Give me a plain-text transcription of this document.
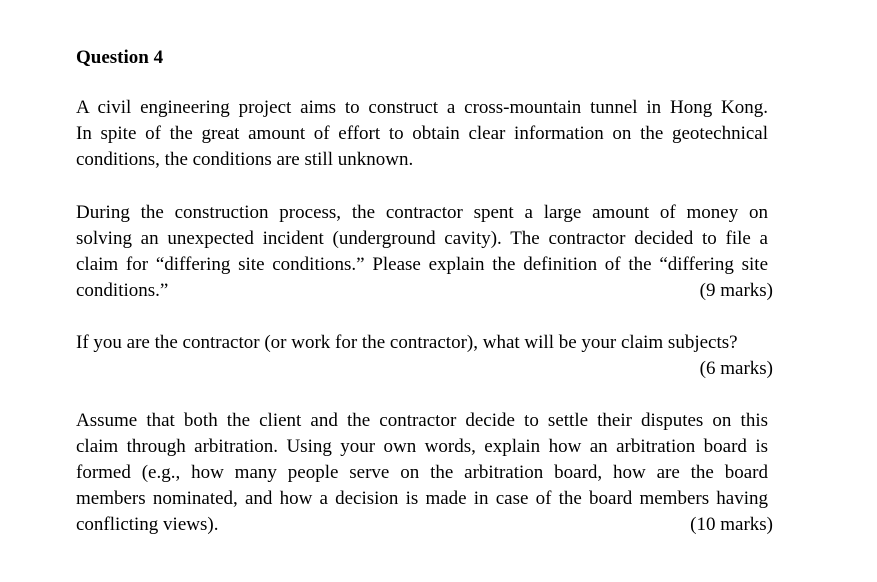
Question 4
A civil engineering project aims to construct a cross-mountain tunnel in Hong Kong.
In spite of the great amount of effort to obtain clear information on the geotechnical
conditions, the conditions are still unknown.
During the construction process, the contractor spent a large amount of money on
solving an unexpected incident (underground cavity). The contractor decided to file a
claim for “differing site conditions.” Please explain the definition of the “differing site
conditions.”	(9 marks)
If you are the contractor (or work for the contractor), what will be your claim subjects?
(6 marks)
Assume that both the client and the contractor decide to settle their disputes on this
claim through arbitration. Using your own words, explain how an arbitration board is
formed (e.g., how many people serve on the arbitration board, how are the board
members nominated, and how a decision is made in case of the board members having
conflicting views).	(10 marks)
